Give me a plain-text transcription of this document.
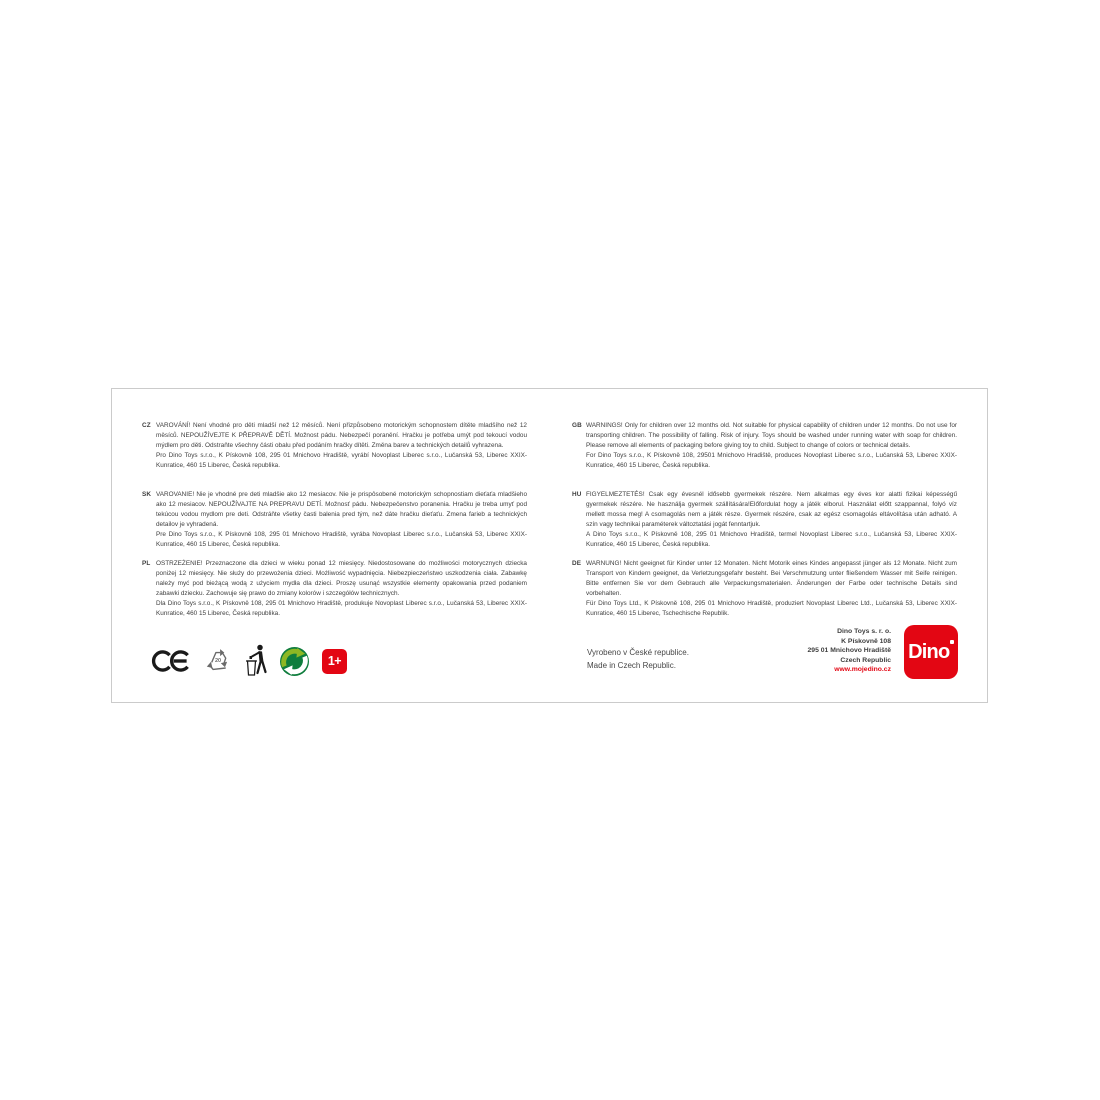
CZ VAROVÁNÍ! Není vhodné pro děti mladší než 12 měsíců. Není přizpůsobeno motorickým schopnostem dítěte mladšího než 12 měsíců. NEPOUŽÍVEJTE K PŘEPRAVĚ DĚTÍ. Možnost pádu. Nebezpečí poranění. Hračku je potřeba umýt pod tekoucí vodou mýdlem pro děti. Odstraňte všechny části obalu před podáním hračky dítěti. Změna barev a technických detailů vyhrazena.
Pro Dino Toys s.r.o., K Pískovně 108, 295 01 Mnichovo Hradiště, vyrábí Novoplast Liberec s.r.o., Lučanská 53, Liberec XXIX-Kunratice, 460 15 Liberec, Česká republika.
SK VAROVANIE! Nie je vhodné pre deti mladšie ako 12 mesiacov. Nie je prispôsobené motorickým schopnostiam dieťaťa mladšieho ako 12 mesiacov. NEPOUŽÍVAJTE NA PREPRAVU DETÍ. Možnosť pádu. Nebezpečenstvo poranenia. Hračku je treba umyť pod tekúcou vodou mydlom pre deti. Odstráňte všetky časti balenia pred tým, než dáte hračku dieťaťu. Zmena farieb a technických detailov je vyhradená.
Pre Dino Toys s.r.o., K Pískovně 108, 295 01 Mnichovo Hradiště, vyrába Novoplast Liberec s.r.o., Lučanská 53, Liberec XXIX-Kunratice, 460 15 Liberec, Česká republika.
PL OSTRZEŻENIE! Przeznaczone dla dzieci w wieku ponad 12 miesięcy. Niedostosowane do możliwości motorycznych dziecka poniżej 12 miesięcy. Nie służy do przewożenia dzieci. Możliwość wypadnięcia. Niebezpieczeństwo uszkodzenia ciała. Zabawkę należy myć pod bieżącą wodą z użyciem mydła dla dzieci. Proszę usunąć wszystkie elementy opakowania przed podaniem zabawki dziecku. Zachowuje się prawo do zmiany kolorów i szczegółów technicznych.
Dla Dino Toys s.r.o., K Pískovně 108, 295 01 Mnichovo Hradiště, produkuje Novoplast Liberec s.r.o., Lučanská 53, Liberec XXIX-Kunratice, 460 15 Liberec, Česká republika.
GB WARNINGS! Only for children over 12 months old. Not suitable for physical capability of children under 12 months. Do not use for transporting children. The possibility of falling. Risk of injury. Toys should be washed under running water with soap for children. Please remove all elements of packaging before giving toy to child. Subject to change of colors or technical details.
For Dino Toys s.r.o., K Pískovně 108, 29501 Mnichovo Hradiště, produces Novoplast Liberec s.r.o., Lučanská 53, Liberec XXIX-Kunratice, 460 15 Liberec, Česká republika.
HU FIGYELMEZTETÉS! Csak egy évesnél idősebb gyermekek részére. Nem alkalmas egy éves kor alatti fizikai képességű gyermekek részére. Ne használja gyermek szállítására!Előfordulat hogy a játék elborul. Használat előtt szappannal, folyó víz mellett mossa meg! A csomagolás nem a játék része. Gyermek részére, csak az egész csomagolás eltávolítása után adható. A szín vagy technikai paraméterek változtatási jogát fenntartjuk.
A Dino Toys s.r.o., K Pískovně 108, 295 01 Mnichovo Hradiště, termel Novoplast Liberec s.r.o., Lučanská 53, Liberec XXIX-Kunratice, 460 15 Liberec, Česká republika.
DE WARNUNG! Nicht geeignet für Kinder unter 12 Monaten. Nicht Motorik eines Kindes angepasst jünger als 12 Monate. Nicht zum Transport von Kindern geeignet, da Verletzungsgefahr besteht. Bei Verschmutzung unter fließendem Wasser mit Seife reinigen. Bitte entfernen Sie vor dem Gebrauch alle Verpackungsmaterialen. Änderungen der Farbe oder technische Details sind vorbehalten.
Für Dino Toys Ltd., K Pískovně 108, 295 01 Mnichovo Hradiště, produziert Novoplast Liberec Ltd., Lučanská 53, Liberec XXIX-Kunratice, 460 15 Liberec, Tschechische Republik.
20	1+
Vyrobeno v České republice.
Made in Czech Republic.
Dino Toys s. r. o.
K Pískovně 108
295 01 Mnichovo Hradiště
Czech Republic
www.mojedino.cz
Dino
